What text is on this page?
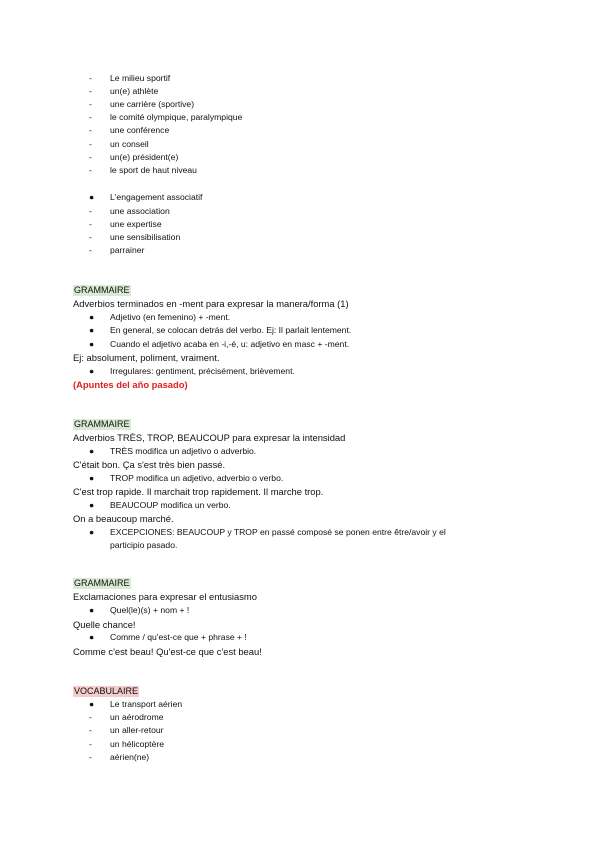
- Le milieu sportif
- un(e) athlète
- une carrière (sportive)
- le comité olympique, paralympique
- une conférence
- un conseil
- un(e) président(e)
- le sport de haut niveau
● L'engagement associatif
- une association
- une expertise
- une sensibilisation
- parrainer
GRAMMAIRE
Adverbios terminados en -ment para expresar la manera/forma (1)
● Adjetivo (en femenino) + -ment.
● En general, se colocan detrás del verbo. Ej: Il parlait lentement.
● Cuando el adjetivo acaba en -i,-é, u: adjetivo en masc + -ment.
Ej: absolument, poliment, vraiment.
● Irregulares: gentiment, précisément, brièvement.
(Apuntes del año pasado)
GRAMMAIRE
Adverbios TRÈS, TROP, BEAUCOUP para expresar la intensidad
● TRÈS modifica un adjetivo o adverbio.
C'était bon. Ça s'est très bien passé.
● TROP modifica un adjetivo, adverbio o verbo.
C'est trop rapide. Il marchait trop rapidement. Il marche trop.
● BEAUCOUP modifica un verbo.
On a beaucoup marché.
● EXCEPCIONES: BEAUCOUP y TROP en passé composé se ponen entre être/avoir y el
participio pasado.
GRAMMAIRE
Exclamaciones para expresar el entusiasmo
● Quel(le)(s) + nom + !
Quelle chance!
● Comme / qu'est-ce que + phrase + !
Comme c'est beau! Qu'est-ce que c'est beau!
VOCABULAIRE
● Le transport aérien
- un aérodrome
- un aller-retour
- un hélicoptère
- aérien(ne)
